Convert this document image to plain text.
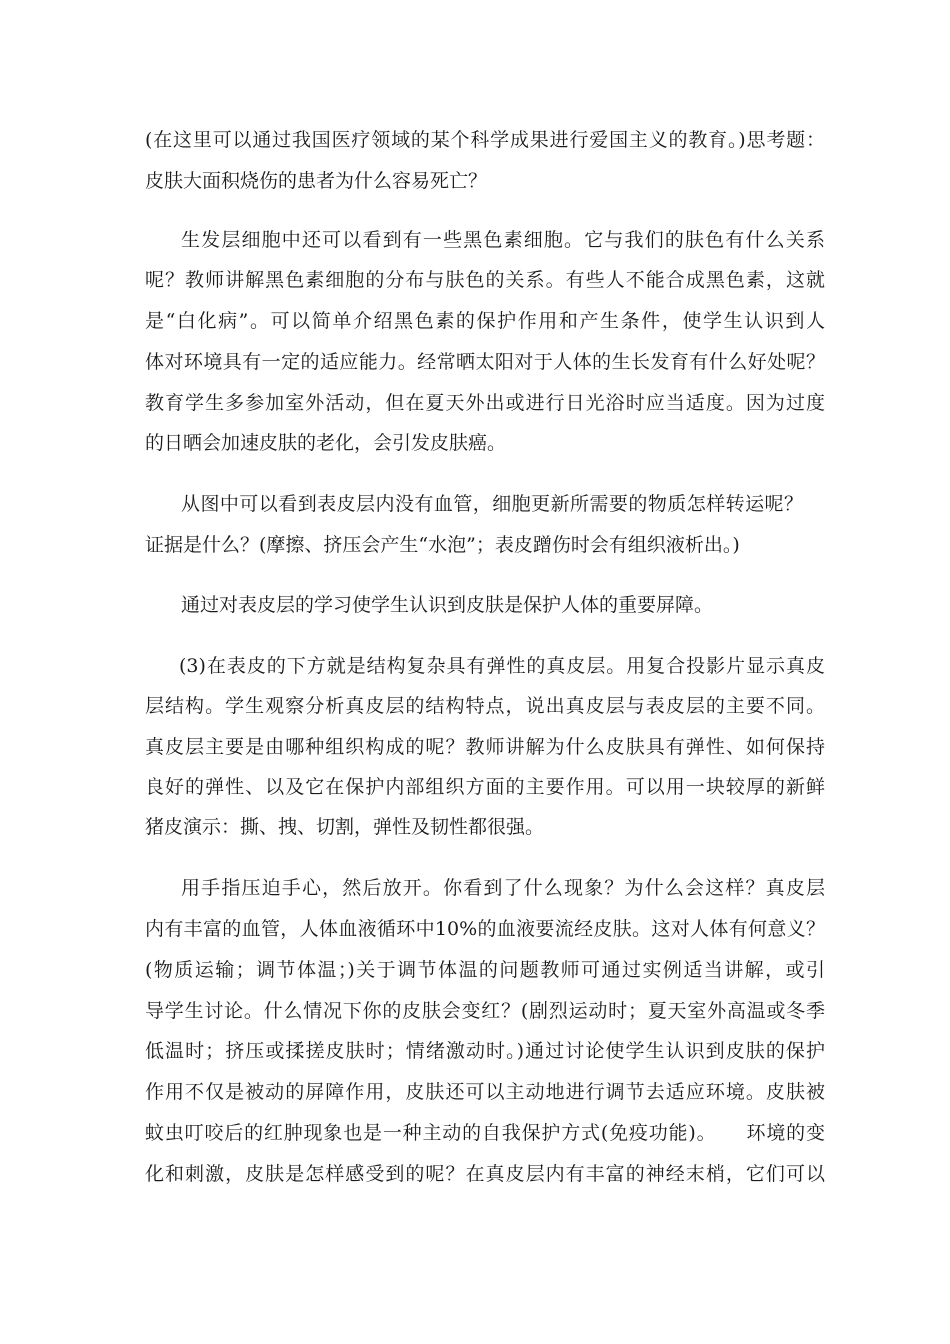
(在这里可以通过我国医疗领域的某个科学成果进行爱国主义的教育。)思考题：
皮肤大面积烧伤的患者为什么容易死亡？
生发层细胞中还可以看到有一些黑色素细胞。它与我们的肤色有什么关系
呢？教师讲解黑色素细胞的分布与肤色的关系。有些人不能合成黑色素，这就
是“白化病”。可以简单介绍黑色素的保护作用和产生条件，使学生认识到人
体对环境具有一定的适应能力。经常晒太阳对于人体的生长发育有什么好处呢？
教育学生多参加室外活动，但在夏天外出或进行日光浴时应当适度。因为过度
的日晒会加速皮肤的老化，会引发皮肤癌。
从图中可以看到表皮层内没有血管，细胞更新所需要的物质怎样转运呢？
证据是什么？(摩擦、挤压会产生“水泡”；表皮蹭伤时会有组织液析出。)
通过对表皮层的学习使学生认识到皮肤是保护人体的重要屏障。
(3)在表皮的下方就是结构复杂具有弹性的真皮层。用复合投影片显示真皮
层结构。学生观察分析真皮层的结构特点，说出真皮层与表皮层的主要不同。
真皮层主要是由哪种组织构成的呢？教师讲解为什么皮肤具有弹性、如何保持
良好的弹性、以及它在保护内部组织方面的主要作用。可以用一块较厚的新鲜
猪皮演示：撕、拽、切割，弹性及韧性都很强。
用手指压迫手心，然后放开。你看到了什么现象？为什么会这样？真皮层
内有丰富的血管，人体血液循环中10%的血液要流经皮肤。这对人体有何意义？
(物质运输；调节体温；)关于调节体温的问题教师可通过实例适当讲解，或引
导学生讨论。什么情况下你的皮肤会变红？(剧烈运动时；夏天室外高温或冬季
低温时；挤压或揉搓皮肤时；情绪激动时。)通过讨论使学生认识到皮肤的保护
作用不仅是被动的屏障作用，皮肤还可以主动地进行调节去适应环境。皮肤被
蚊虫叮咬后的红肿现象也是一种主动的自我保护方式(免疫功能)。　　环境的变
化和刺激，皮肤是怎样感受到的呢？在真皮层内有丰富的神经末梢，它们可以
